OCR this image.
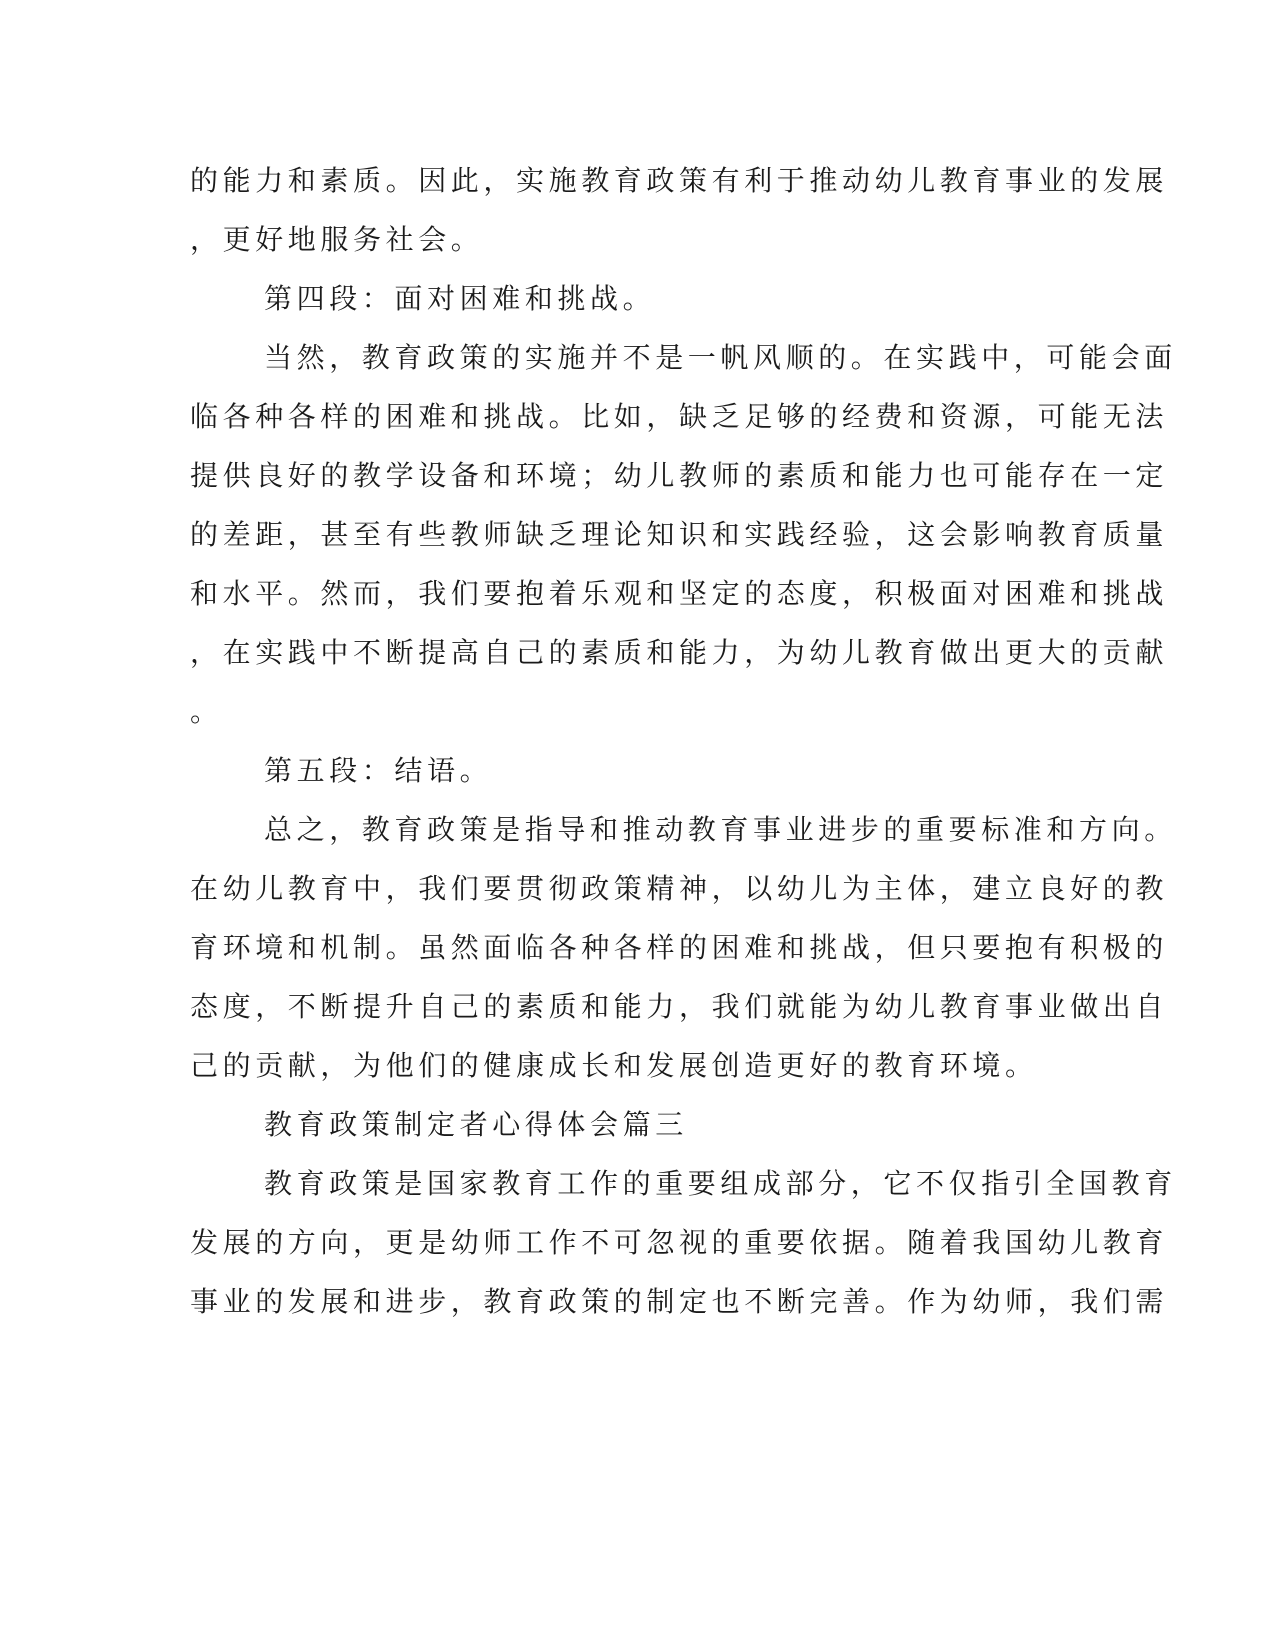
的能力和素质。因此，实施教育政策有利于推动幼儿教育事业的发展

，更好地服务社会。

第四段：面对困难和挑战。

当然，教育政策的实施并不是一帆风顺的。在实践中，可能会面

临各种各样的困难和挑战。比如，缺乏足够的经费和资源，可能无法

提供良好的教学设备和环境；幼儿教师的素质和能力也可能存在一定

的差距，甚至有些教师缺乏理论知识和实践经验，这会影响教育质量

和水平。然而，我们要抱着乐观和坚定的态度，积极面对困难和挑战

，在实践中不断提高自己的素质和能力，为幼儿教育做出更大的贡献

。

第五段：结语。

总之，教育政策是指导和推动教育事业进步的重要标准和方向。

在幼儿教育中，我们要贯彻政策精神，以幼儿为主体，建立良好的教

育环境和机制。虽然面临各种各样的困难和挑战，但只要抱有积极的

态度，不断提升自己的素质和能力，我们就能为幼儿教育事业做出自

己的贡献，为他们的健康成长和发展创造更好的教育环境。

教育政策制定者心得体会篇三

教育政策是国家教育工作的重要组成部分，它不仅指引全国教育

发展的方向，更是幼师工作不可忽视的重要依据。随着我国幼儿教育

事业的发展和进步，教育政策的制定也不断完善。作为幼师，我们需
